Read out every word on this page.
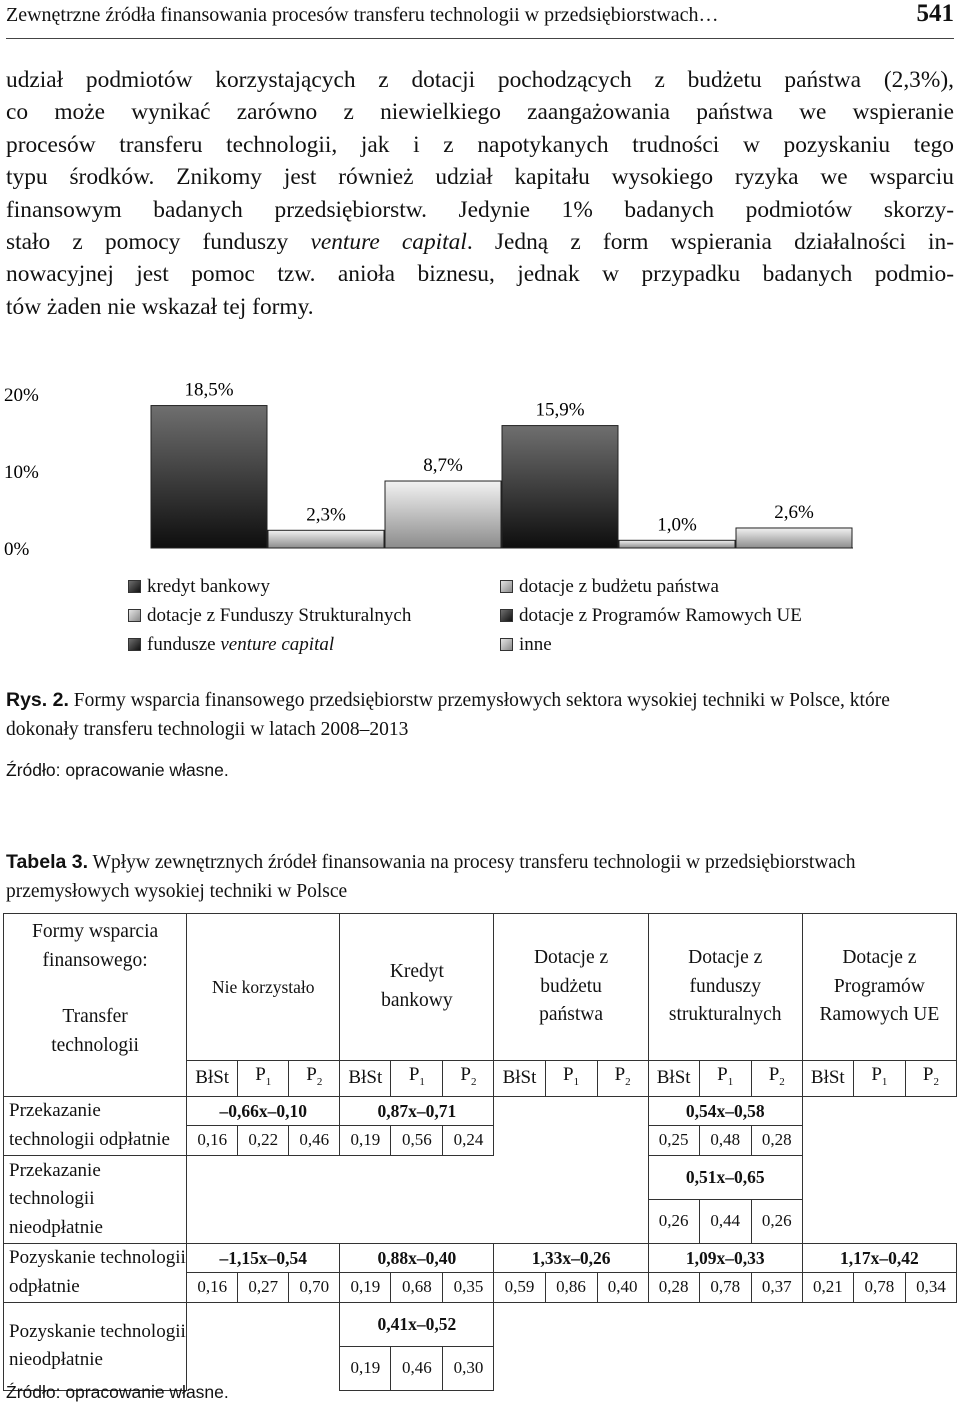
Zewnętrzne źródła finansowania procesów transferu technologii w przedsiębiorstwach…	541

udział podmiotów korzystających z dotacji pochodzących z budżetu państwa (2,3%),

co może wynikać zarówno z niewielkiego zaangażowania państwa we wspieranie

procesów transferu technologii, jak i z napotykanych trudności w pozyskaniu tego

typu środków. Znikomy jest również udział kapitału wysokiego ryzyka we wsparciu

finansowym badanych przedsiębiorstw. Jedynie 1% badanych podmiotów skorzy-

stało z pomocy funduszy venture capital. Jedną z form wspierania działalności in-

nowacyjnej jest pomoc tzw. anioła biznesu, jednak w przypadku badanych podmio-

tów żaden nie wskazał tej formy.

20%
10%
0%
18,5%
2,3%
8,7%
15,9%
1,0%
2,6%
kredyt bankowy
dotacje z Funduszy Strukturalnych
fundusze venture capital
dotacje z budżetu państwa
dotacje z Programów Ramowych UE
inne
Rys. 2. Formy wsparcia finansowego przedsiębiorstw przemysłowych sektora wysokiej techniki w Polsce, które dokonały transferu technologii w latach 2008–2013
Źródło: opracowanie własne.
Tabela 3. Wpływ zewnętrznych źródeł finansowania na procesy transferu technologii w przedsiębiorstwach przemysłowych wysokiej techniki w Polsce
Formy wsparcia finansowego:
Transfer technologii	Nie korzystało			Kredyt bankowy			Dotacje z budżetu państwa			Dotacje z funduszy strukturalnych			Dotacje z Programów Ramowych UE		

	BłSt	$P_1$	$P_2$	BłSt	$P_1$	$P_2$	BłSt	$P_1$	$P_2$	BłSt	$P_1$	$P_2$	BłSt	$P_1$	$P_2$
Przekazanie technologii odpłatnie	–0,66x–0,10			0,87x–0,71						0,54x–0,58					
	0,16	0,22	0,46	0,19	0,56	0,24				0,25	0,48	0,28			
Przekazanie technologii nieodpłatnie										0,51x–0,65					
										0,26	0,44	0,26			
Pozyskanie technologii odpłatnie	–1,15x–0,54			0,88x–0,40			1,33x–0,26			1,09x–0,33			1,17x–0,42		
	0,16	0,27	0,70	0,19	0,68	0,35	0,59	0,86	0,40	0,28	0,78	0,37	0,21	0,78	0,34
Pozyskanie technologii nieodpłatnie				0,41x–0,52											
				0,19	0,46	0,30									
Źródło: opracowanie własne.
